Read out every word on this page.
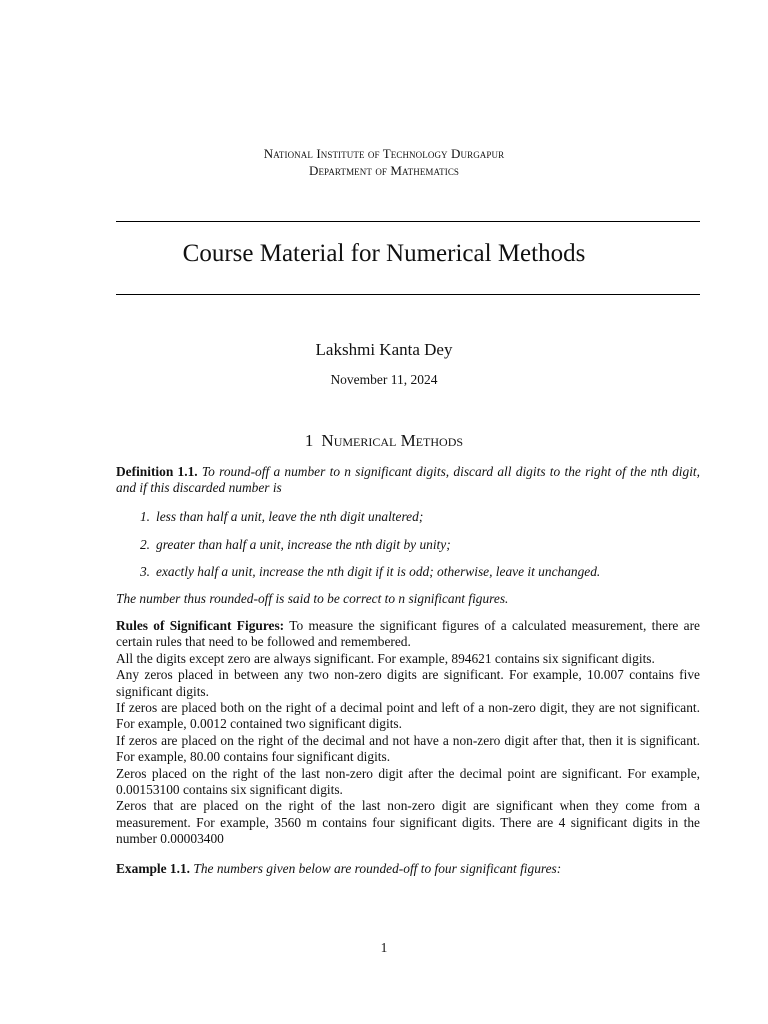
National Institute of Technology Durgapur
Department of Mathematics
Course Material for Numerical Methods
Lakshmi Kanta Dey
November 11, 2024
1 Numerical Methods
Definition 1.1. To round-off a number to n significant digits, discard all digits to the right of the nth digit, and if this discarded number is
1. less than half a unit, leave the nth digit unaltered;
2. greater than half a unit, increase the nth digit by unity;
3. exactly half a unit, increase the nth digit if it is odd; otherwise, leave it unchanged.
The number thus rounded-off is said to be correct to n significant figures.

Rules of Significant Figures: To measure the significant figures of a calculated measurement, there are certain rules that need to be followed and remembered.

All the digits except zero are always significant. For example, 894621 contains six significant digits.

Any zeros placed in between any two non-zero digits are significant. For example, 10.007 contains five significant digits.

If zeros are placed both on the right of a decimal point and left of a non-zero digit, they are not significant. For example, 0.0012 contained two significant digits.

If zeros are placed on the right of the decimal and not have a non-zero digit after that, then it is significant. For example, 80.00 contains four significant digits.

Zeros placed on the right of the last non-zero digit after the decimal point are significant. For example, 0.00153100 contains six significant digits.

Zeros that are placed on the right of the last non-zero digit are significant when they come from a measurement. For example, 3560 m contains four significant digits. There are 4 significant digits in the number 0.00003400

Example 1.1. The numbers given below are rounded-off to four significant figures:
1
